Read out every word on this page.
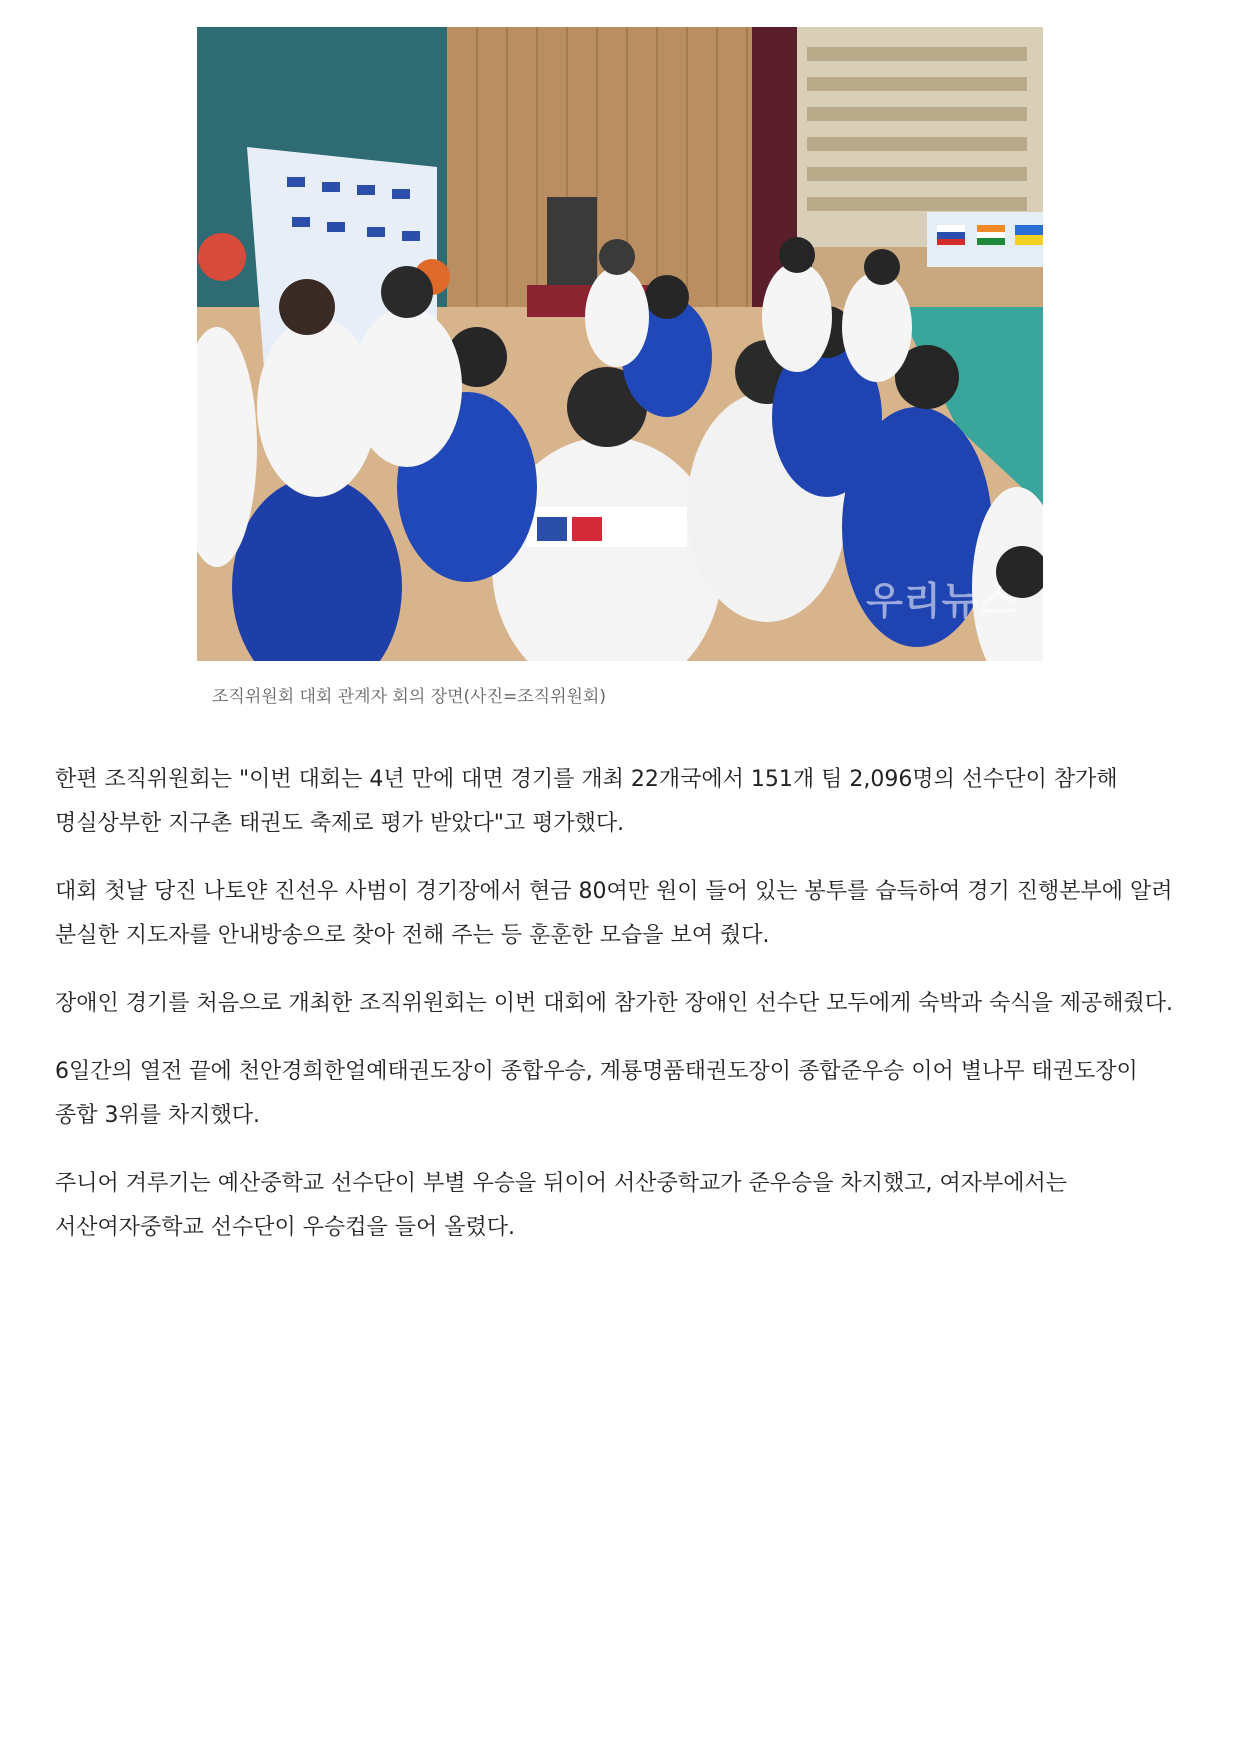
우리뉴스
조직위원회 대회 관계자 회의 장면(사진=조직위원회)

한편 조직위원회는 "이번 대회는 4년 만에 대면 경기를 개최 22개국에서 151개 팀 2,096명의 선수단이 참가해 명실상부한 지구촌 태권도 축제로 평가 받았다"고 평가했다.

대회 첫날 당진 나토얀 진선우 사범이 경기장에서 현금 80여만 원이 들어 있는 봉투를 습득하여 경기 진행본부에 알려 분실한 지도자를 안내방송으로 찾아 전해 주는 등 훈훈한 모습을 보여 줬다.

장애인 경기를 처음으로 개최한 조직위원회는 이번 대회에 참가한 장애인 선수단 모두에게 숙박과 숙식을 제공해줬다.

6일간의 열전 끝에 천안경희한얼예태권도장이 종합우승, 계룡명품태권도장이 종합준우승 이어 별나무 태권도장이 종합 3위를 차지했다.

주니어 겨루기는 예산중학교 선수단이 부별 우승을 뒤이어 서산중학교가 준우승을 차지했고, 여자부에서는 서산여자중학교 선수단이 우승컵을 들어 올렸다.
